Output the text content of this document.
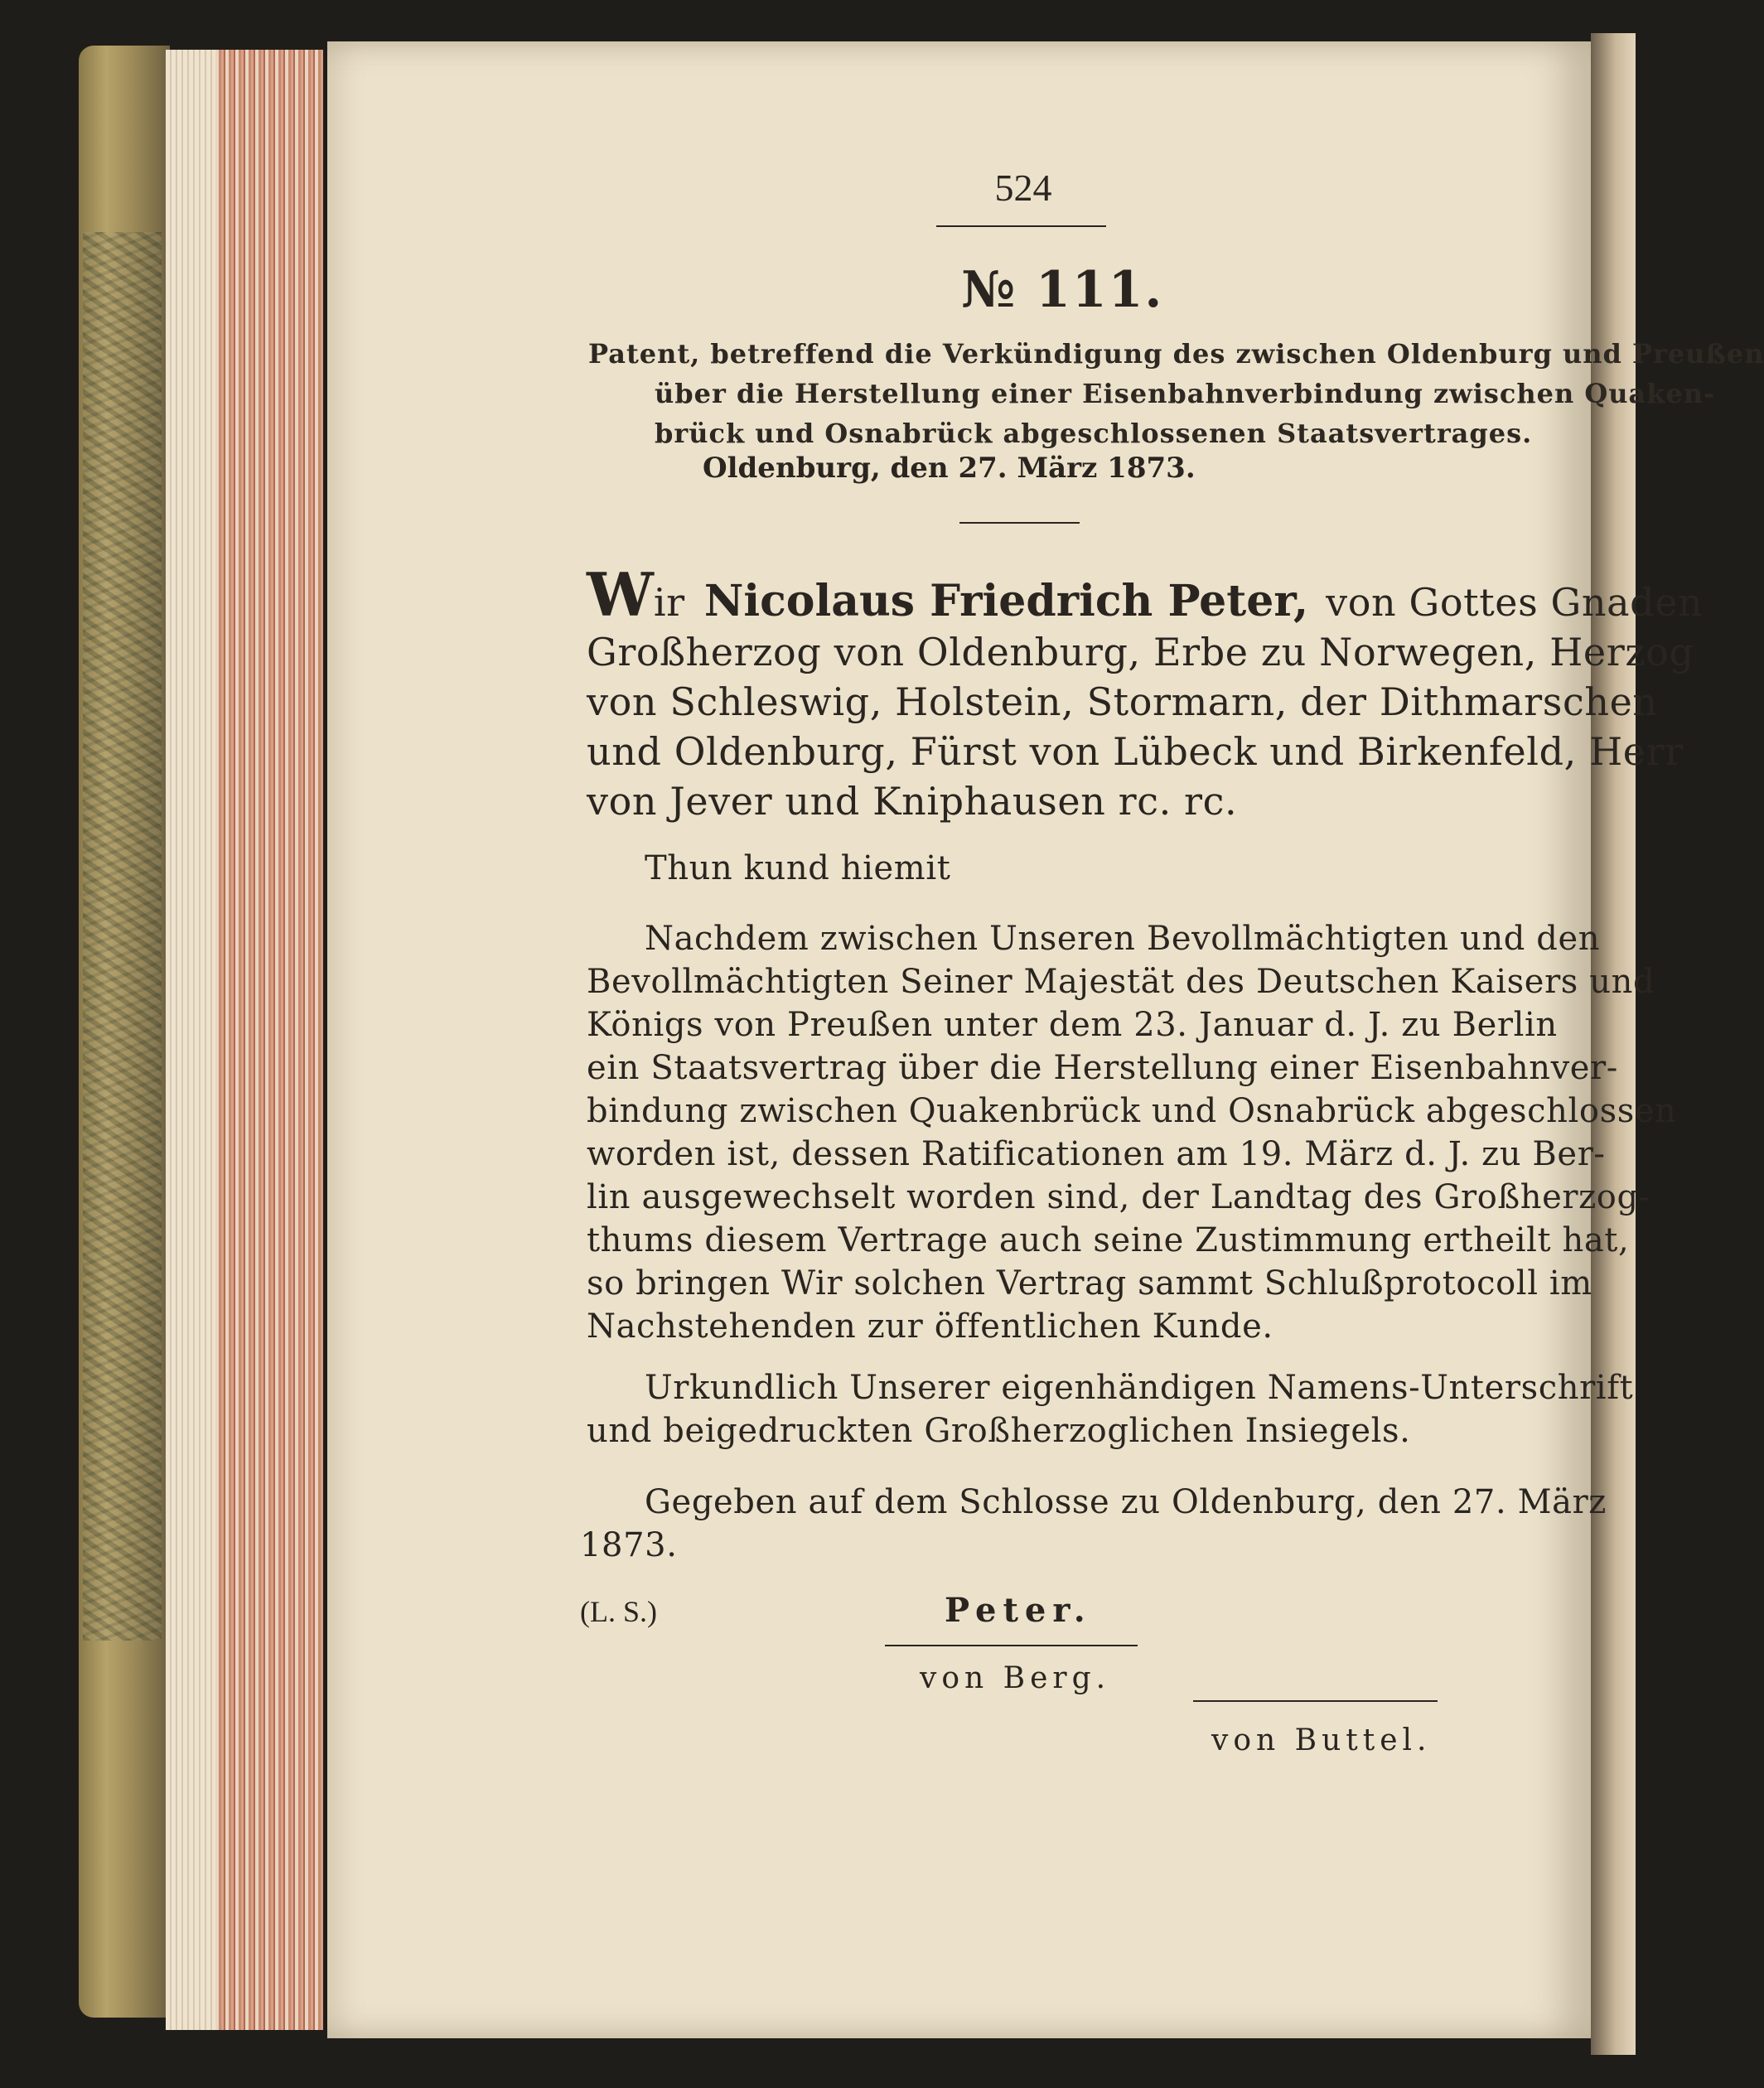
524
№ 111.
Patent, betreffend die Verkündigung des zwischen Oldenburg und Preußen
über die Herstellung einer Eisenbahnverbindung zwischen Quaken-
brück und Osnabrück abgeschlossenen Staatsvertrages.
Oldenburg, den 27. März 1873.
Wir Nicolaus Friedrich Peter, von Gottes Gnaden
Großherzog von Oldenburg, Erbe zu Norwegen, Herzog
von Schleswig, Holstein, Stormarn, der Dithmarschen
und Oldenburg, Fürst von Lübeck und Birkenfeld, Herr
von Jever und Kniphausen rc. rc.
Thun kund hiemit
Nachdem zwischen Unseren Bevollmächtigten und den
Bevollmächtigten Seiner Majestät des Deutschen Kaisers und
Königs von Preußen unter dem 23. Januar d. J. zu Berlin
ein Staatsvertrag über die Herstellung einer Eisenbahnver-
bindung zwischen Quakenbrück und Osnabrück abgeschlossen
worden ist, dessen Ratificationen am 19. März d. J. zu Ber-
lin ausgewechselt worden sind, der Landtag des Großherzog-
thums diesem Vertrage auch seine Zustimmung ertheilt hat,
so bringen Wir solchen Vertrag sammt Schlußprotocoll im
Nachstehenden zur öffentlichen Kunde.
Urkundlich Unserer eigenhändigen Namens-Unterschrift
und beigedruckten Großherzoglichen Insiegels.
Gegeben auf dem Schlosse zu Oldenburg, den 27. März
1873.
(L. S.)	Peter.
von Berg.
von Buttel.
